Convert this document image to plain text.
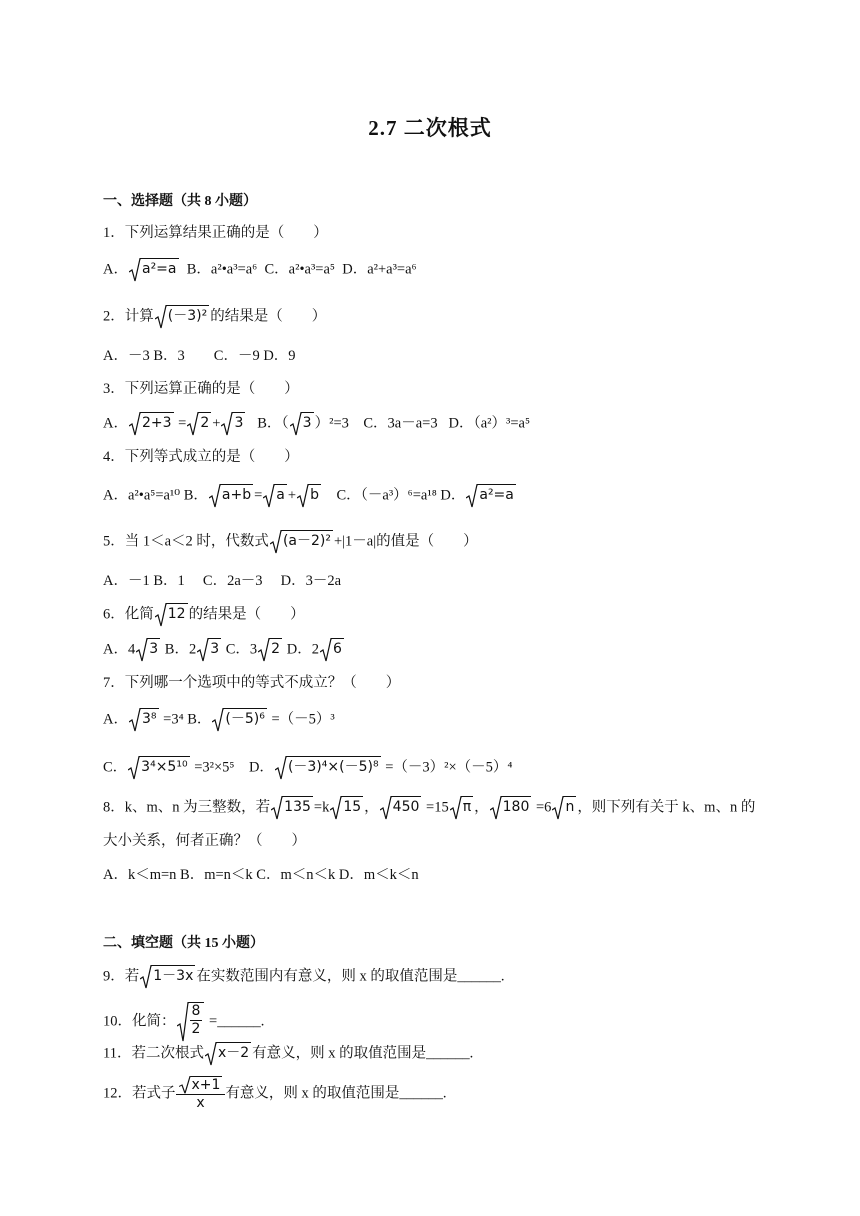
2.7 二次根式
一、选择题（共 8 小题）
1．下列运算结果正确的是（　　）
A． a²=a B．a²•a³=a⁶ C．a²•a³=a⁵ D．a²+a³=a⁶
2．计算 (－3)² 的结果是（　　）
A．－3 B．3　　C．－9 D．9
3．下列运算正确的是（　　）
A． 2+3 = 2 + 3 B．（ 3 ）²=3 C．3a－a=3 D．（a²）³=a⁵
4．下列等式成立的是（　　）
A．a²•a⁵=a¹⁰ B． a+b = a + b C．（－a³）⁶=a¹⁸ D． a²=a
5．当 1＜a＜2 时，代数式 (a－2)² +|1－a|的值是（　　）
A．－1 B．1　 C．2a－3　 D．3－2a
6．化简 12 的结果是（　　）
A．4 3 B．2 3 C．3 2 D．2 6
7．下列哪一个选项中的等式不成立？（　　）
A． 3⁸ =3⁴ B． (－5)⁶ =（－5）³
C． 3⁴×5¹⁰ =3²×5⁵ D． (－3)⁴×(－5)⁸ =（－3）²×（－5）⁴
8．k、m、n 为三整数，若 135 =k 15 ， 450 =15 π ， 180 =6 n ，则下列有关于 k、m、n 的
大小关系，何者正确？（　　）
A．k＜m=n B．m=n＜k C．m＜n＜k D．m＜k＜n
二、填空题（共 15 小题）
9．若 1－3x 在实数范围内有意义，则 x 的取值范围是______.
10．化简： $\frac{8}{2}$ =______.
11．若二次根式 x－2 有意义，则 x 的取值范围是______.
12．若式子 $\frac{x+1}{x}$ 有意义，则 x 的取值范围是______.
